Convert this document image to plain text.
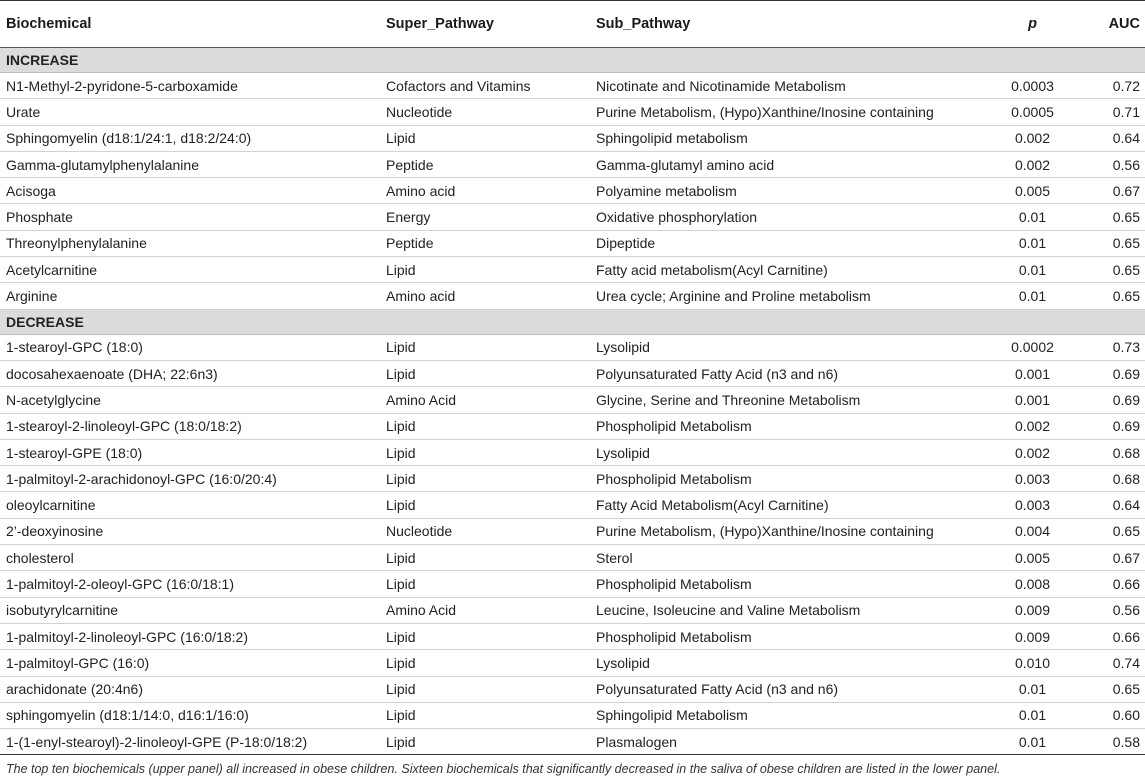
Biochemical	Super_Pathway	Sub_Pathway	p	AUC
INCREASE				
N1-Methyl-2-pyridone-5-carboxamide	Cofactors and Vitamins	Nicotinate and Nicotinamide Metabolism	0.0003	0.72
Urate	Nucleotide	Purine Metabolism, (Hypo)Xanthine/Inosine containing	0.0005	0.71
Sphingomyelin (d18:1/24:1, d18:2/24:0)	Lipid	Sphingolipid metabolism	0.002	0.64
Gamma-glutamylphenylalanine	Peptide	Gamma-glutamyl amino acid	0.002	0.56
Acisoga	Amino acid	Polyamine metabolism	0.005	0.67
Phosphate	Energy	Oxidative phosphorylation	0.01	0.65
Threonylphenylalanine	Peptide	Dipeptide	0.01	0.65
Acetylcarnitine	Lipid	Fatty acid metabolism(Acyl Carnitine)	0.01	0.65
Arginine	Amino acid	Urea cycle; Arginine and Proline metabolism	0.01	0.65
DECREASE				
1-stearoyl-GPC (18:0)	Lipid	Lysolipid	0.0002	0.73
docosahexaenoate (DHA; 22:6n3)	Lipid	Polyunsaturated Fatty Acid (n3 and n6)	0.001	0.69
N-acetylglycine	Amino Acid	Glycine, Serine and Threonine Metabolism	0.001	0.69
1-stearoyl-2-linoleoyl-GPC (18:0/18:2)	Lipid	Phospholipid Metabolism	0.002	0.69
1-stearoyl-GPE (18:0)	Lipid	Lysolipid	0.002	0.68
1-palmitoyl-2-arachidonoyl-GPC (16:0/20:4)	Lipid	Phospholipid Metabolism	0.003	0.68
oleoylcarnitine	Lipid	Fatty Acid Metabolism(Acyl Carnitine)	0.003	0.64
2’-deoxyinosine	Nucleotide	Purine Metabolism, (Hypo)Xanthine/Inosine containing	0.004	0.65
cholesterol	Lipid	Sterol	0.005	0.67
1-palmitoyl-2-oleoyl-GPC (16:0/18:1)	Lipid	Phospholipid Metabolism	0.008	0.66
isobutyrylcarnitine	Amino Acid	Leucine, Isoleucine and Valine Metabolism	0.009	0.56
1-palmitoyl-2-linoleoyl-GPC (16:0/18:2)	Lipid	Phospholipid Metabolism	0.009	0.66
1-palmitoyl-GPC (16:0)	Lipid	Lysolipid	0.010	0.74
arachidonate (20:4n6)	Lipid	Polyunsaturated Fatty Acid (n3 and n6)	0.01	0.65
sphingomyelin (d18:1/14:0, d16:1/16:0)	Lipid	Sphingolipid Metabolism	0.01	0.60
1-(1-enyl-stearoyl)-2-linoleoyl-GPE (P-18:0/18:2)	Lipid	Plasmalogen	0.01	0.58
The top ten biochemicals (upper panel) all increased in obese children. Sixteen biochemicals that significantly decreased in the saliva of obese children are listed in the lower panel.
